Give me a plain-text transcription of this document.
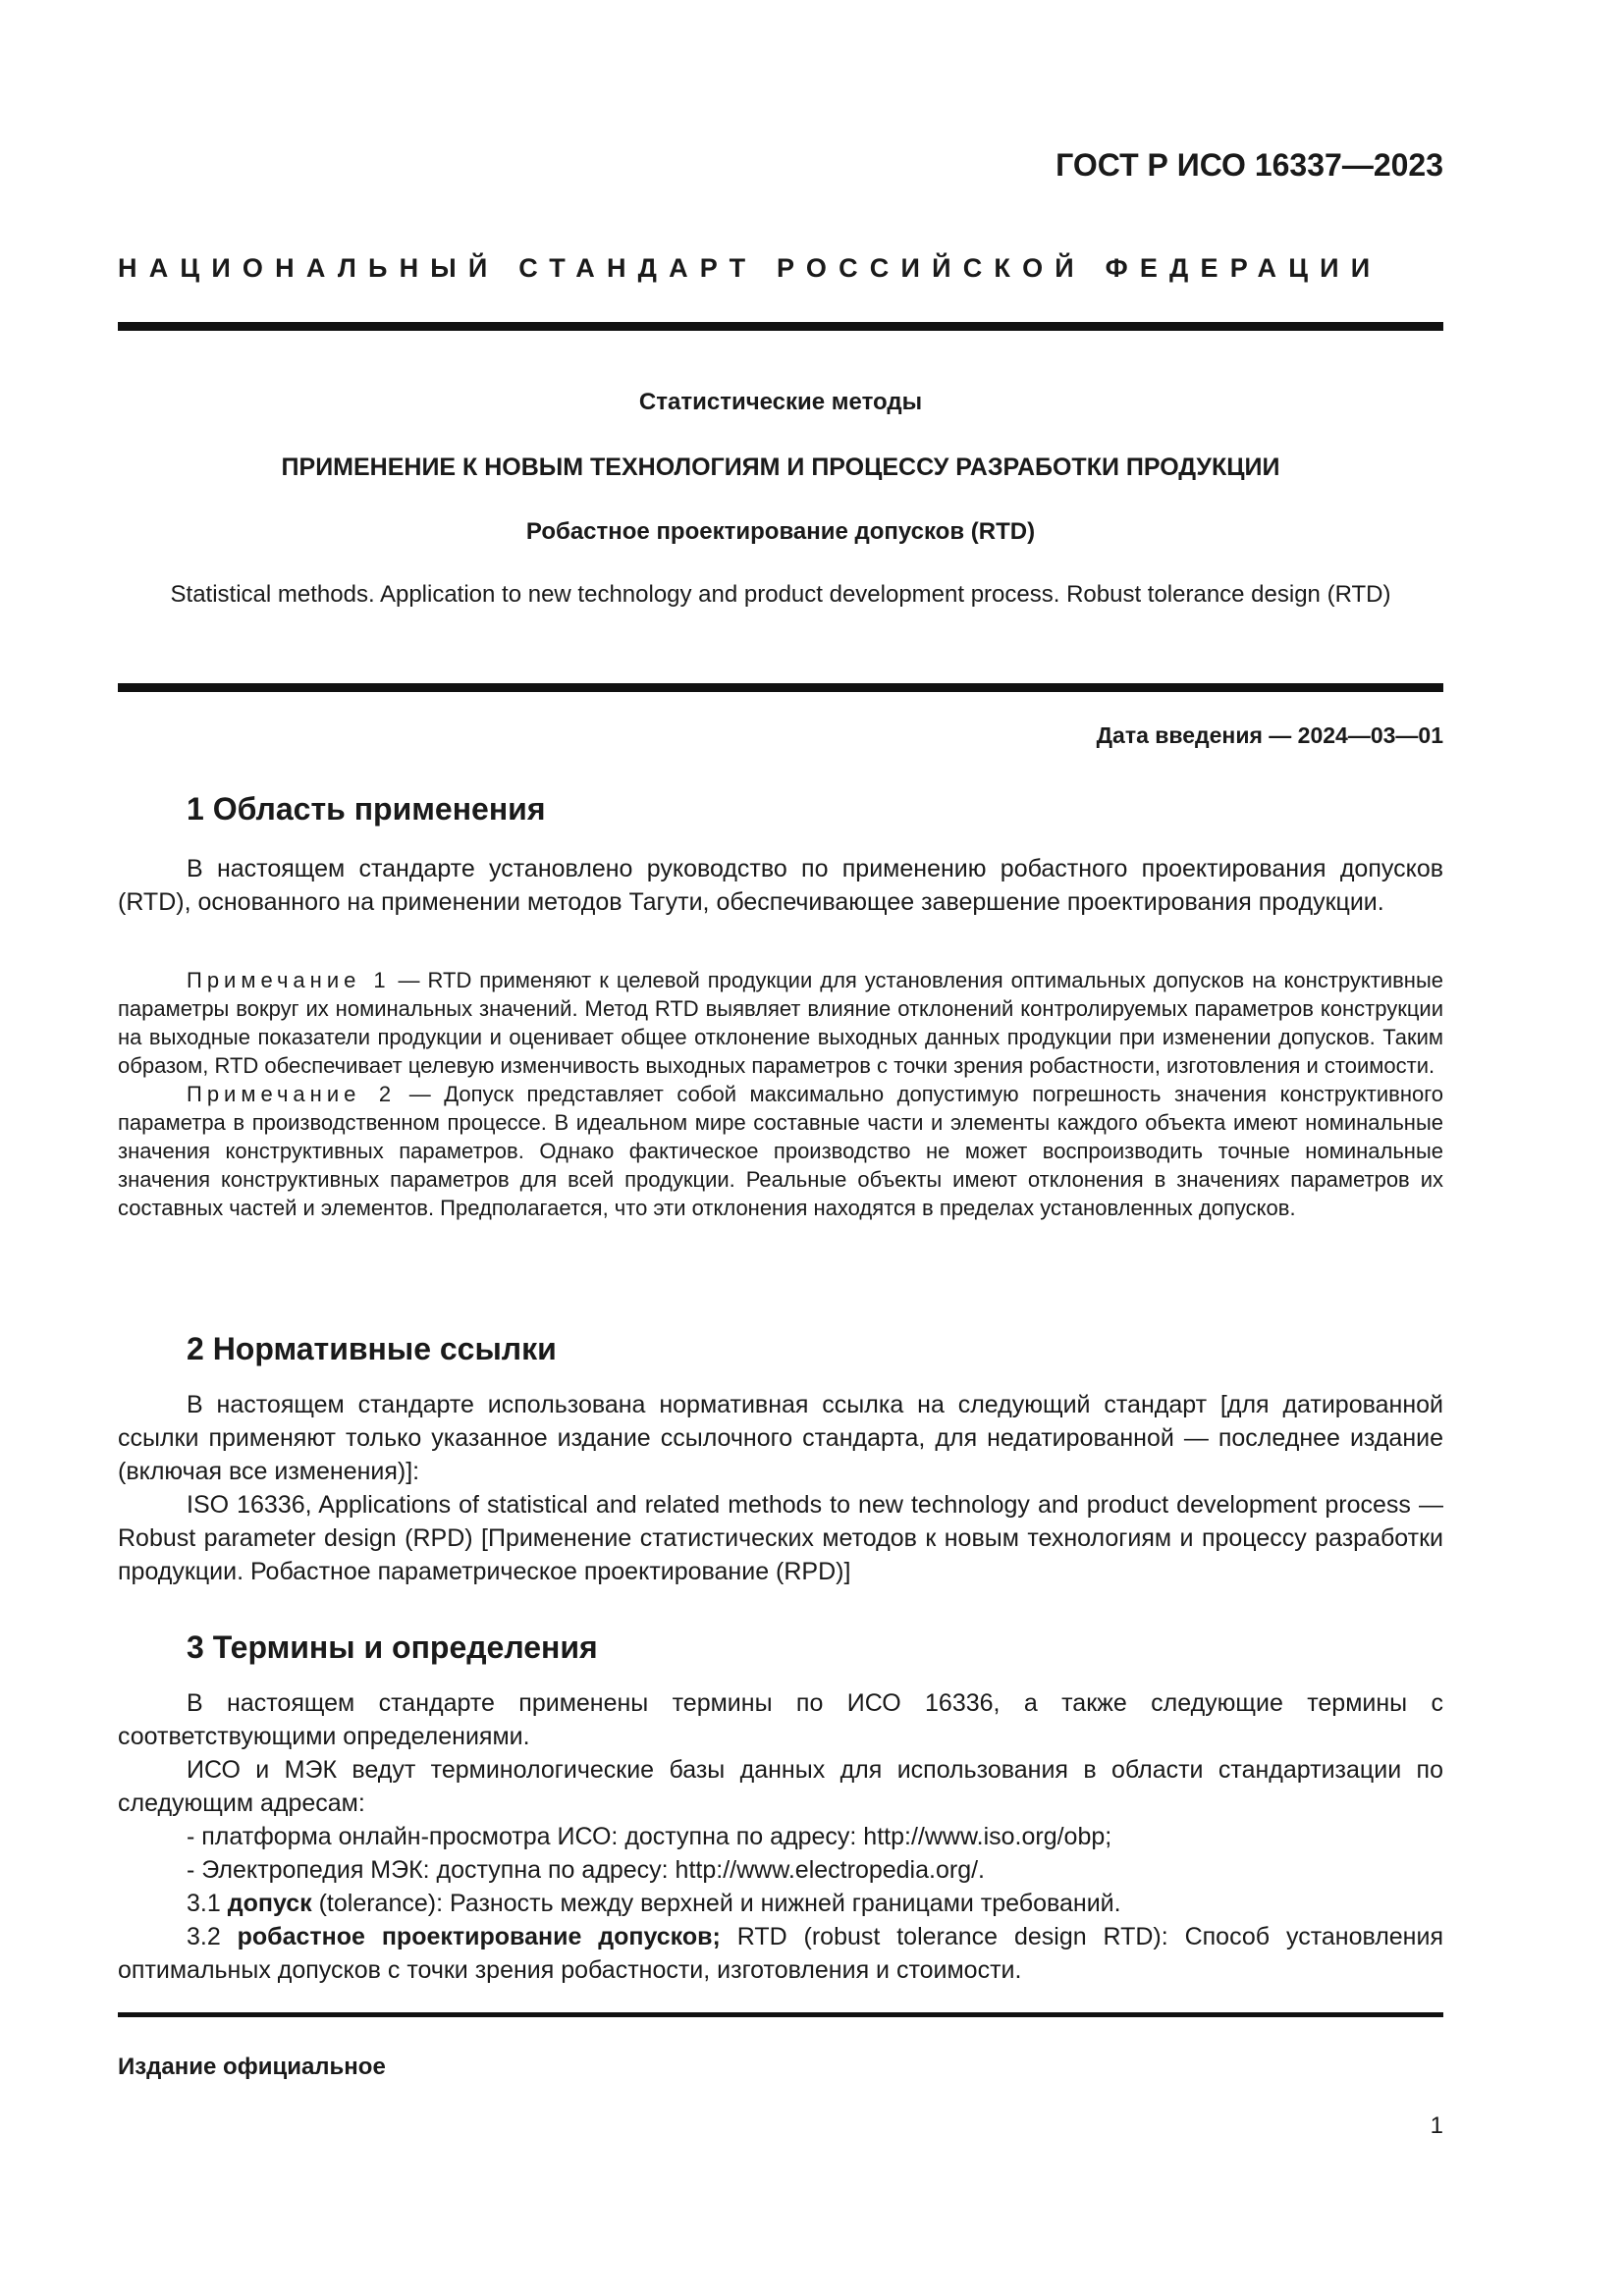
ГОСТ Р ИСО 16337—2023
НАЦИОНАЛЬНЫЙ СТАНДАРТ РОССИЙСКОЙ ФЕДЕРАЦИИ
Статистические методы
ПРИМЕНЕНИЕ К НОВЫМ ТЕХНОЛОГИЯМ И ПРОЦЕССУ РАЗРАБОТКИ ПРОДУКЦИИ
Робастное проектирование допусков (RTD)
Statistical methods. Application to new technology and product development process. Robust tolerance design (RTD)
Дата введения — 2024—03—01
1 Область применения

В настоящем стандарте установлено руководство по применению робастного проектирования допусков (RTD), основанного на применении методов Тагути, обеспечивающее завершение проектирования продукции.

Примечание 1 — RTD применяют к целевой продукции для установления оптимальных допусков на конструктивные параметры вокруг их номинальных значений. Метод RTD выявляет влияние отклонений контролируемых параметров конструкции на выходные показатели продукции и оценивает общее отклонение выходных данных продукции при изменении допусков. Таким образом, RTD обеспечивает целевую изменчивость выходных параметров с точки зрения робастности, изготовления и стоимости.

Примечание 2 — Допуск представляет собой максимально допустимую погрешность значения конструктивного параметра в производственном процессе. В идеальном мире составные части и элементы каждого объекта имеют номинальные значения конструктивных параметров. Однако фактическое производство не может воспроизводить точные номинальные значения конструктивных параметров для всей продукции. Реальные объекты имеют отклонения в значениях параметров их составных частей и элементов. Предполагается, что эти отклонения находятся в пределах установленных допусков.

2 Нормативные ссылки

В настоящем стандарте использована нормативная ссылка на следующий стандарт [для датированной ссылки применяют только указанное издание ссылочного стандарта, для недатированной — последнее издание (включая все изменения)]:

ISO 16336, Applications of statistical and related methods to new technology and product development process — Robust parameter design (RPD) [Применение статистических методов к новым технологиям и процессу разработки продукции. Робастное параметрическое проектирование (RPD)]

3 Термины и определения

В настоящем стандарте применены термины по ИСО 16336, а также следующие термины с соответствующими определениями.

ИСО и МЭК ведут терминологические базы данных для использования в области стандартизации по следующим адресам:

- платформа онлайн-просмотра ИСО: доступна по адресу: http://www.iso.org/obp;

- Электропедия МЭК: доступна по адресу: http://www.electropedia.org/.

3.1 допуск (tolerance): Разность между верхней и нижней границами требований.

3.2 робастное проектирование допусков; RTD (robust tolerance design RTD): Способ установления оптимальных допусков с точки зрения робастности, изготовления и стоимости.

Издание официальное
1
